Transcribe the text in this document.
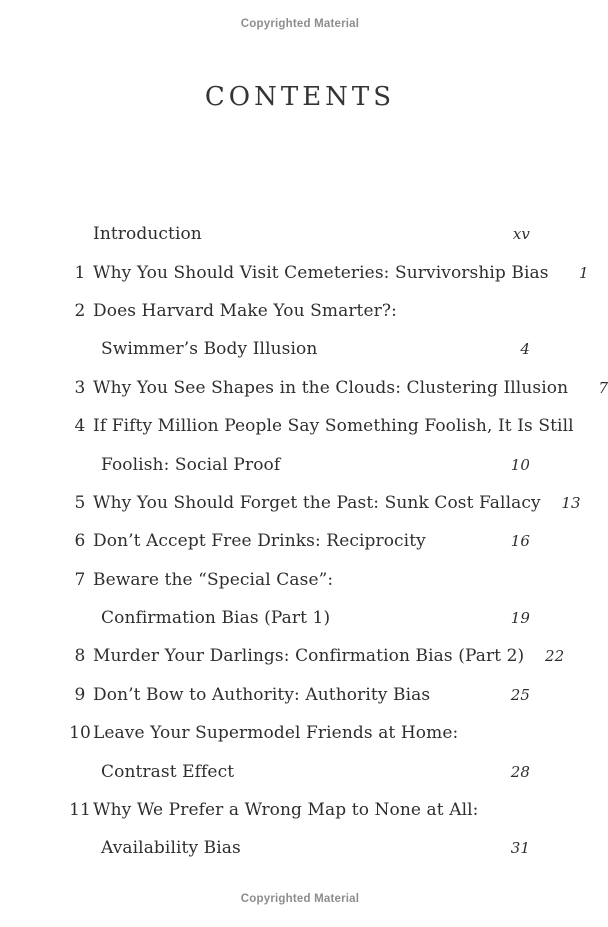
Copyrighted Material
CONTENTS
Introduction	xv
1 Why You Should Visit Cemeteries: Survivorship Bias	1
2 Does Harvard Make You Smarter?:
Swimmer’s Body Illusion	4
3 Why You See Shapes in the Clouds: Clustering Illusion	7
4 If Fifty Million People Say Something Foolish, It Is Still
Foolish: Social Proof	10
5 Why You Should Forget the Past: Sunk Cost Fallacy	13
6 Don’t Accept Free Drinks: Reciprocity	16
7 Beware the “Special Case”:
Confirmation Bias (Part 1)	19
8 Murder Your Darlings: Confirmation Bias (Part 2)	22
9 Don’t Bow to Authority: Authority Bias	25
10 Leave Your Supermodel Friends at Home:
Contrast Effect	28
11 Why We Prefer a Wrong Map to None at All:
Availability Bias	31
Copyrighted Material
